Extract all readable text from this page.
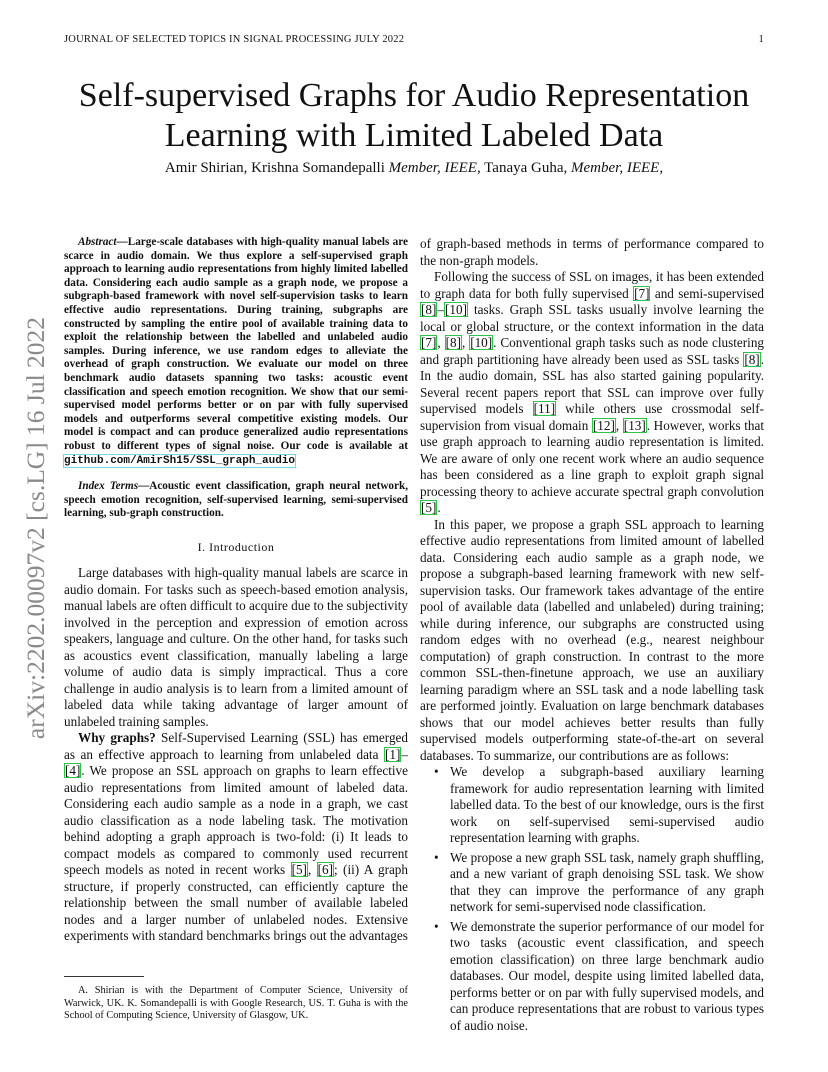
JOURNAL OF SELECTED TOPICS IN SIGNAL PROCESSING JULY 2022	1
arXiv:2202.00097v2 [cs.LG] 16 Jul 2022
Self-supervised Graphs for Audio Representation
Learning with Limited Labeled Data
Amir Shirian, Krishna Somandepalli Member, IEEE, Tanaya Guha, Member, IEEE,

Abstract—Large-scale databases with high-quality manual labels are scarce in audio domain. We thus explore a self-supervised graph approach to learning audio representations from highly limited labelled data. Considering each audio sample as a graph node, we propose a subgraph-based framework with novel self-supervision tasks to learn effective audio representations. During training, subgraphs are constructed by sampling the entire pool of available training data to exploit the relationship between the labelled and unlabeled audio samples. During inference, we use random edges to alleviate the overhead of graph construction. We evaluate our model on three benchmark audio datasets spanning two tasks: acoustic event classification and speech emotion recognition. We show that our semi-supervised model performs better or on par with fully supervised models and outperforms several competitive existing models. Our model is compact and can produce generalized audio representations robust to different types of signal noise. Our code is available at github.com/AmirSh15/SSL_graph_audio

Index Terms—Acoustic event classification, graph neural network, speech emotion recognition, self-supervised learning, semi-supervised learning, sub-graph construction.

I. Introduction

Large databases with high-quality manual labels are scarce in audio domain. For tasks such as speech-based emotion analysis, manual labels are often difficult to acquire due to the subjectivity involved in the perception and expression of emotion across speakers, language and culture. On the other hand, for tasks such as acoustics event classification, manually labeling a large volume of audio data is simply impractical. Thus a core challenge in audio analysis is to learn from a limited amount of labeled data while taking advantage of larger amount of unlabeled training samples.

Why graphs? Self-Supervised Learning (SSL) has emerged as an effective approach to learning from unlabeled data [1]–[4]. We propose an SSL approach on graphs to learn effective audio representations from limited amount of labeled data. Considering each audio sample as a node in a graph, we cast audio classification as a node labeling task. The motivation behind adopting a graph approach is two-fold: (i) It leads to compact models as compared to commonly used recurrent speech models as noted in recent works [5], [6]; (ii) A graph structure, if properly constructed, can efficiently capture the relationship between the small number of available labeled nodes and a larger number of unlabeled nodes. Extensive experiments with standard benchmarks brings out the advantages

A. Shirian is with the Department of Computer Science, University of Warwick, UK. K. Somandepalli is with Google Research, US. T. Guha is with the School of Computing Science, University of Glasgow, UK.

of graph-based methods in terms of performance compared to the non-graph models.

Following the success of SSL on images, it has been extended to graph data for both fully supervised [7] and semi-supervised [8]–[10] tasks. Graph SSL tasks usually involve learning the local or global structure, or the context information in the data [7], [8], [10]. Conventional graph tasks such as node clustering and graph partitioning have already been used as SSL tasks [8]. In the audio domain, SSL has also started gaining popularity. Several recent papers report that SSL can improve over fully supervised models [11] while others use crossmodal self-supervision from visual domain [12], [13]. However, works that use graph approach to learning audio representation is limited. We are aware of only one recent work where an audio sequence has been considered as a line graph to exploit graph signal processing theory to achieve accurate spectral graph convolution [5].

In this paper, we propose a graph SSL approach to learning effective audio representations from limited amount of labelled data. Considering each audio sample as a graph node, we propose a subgraph-based learning framework with new self-supervision tasks. Our framework takes advantage of the entire pool of available data (labelled and unlabeled) during training; while during inference, our subgraphs are constructed using random edges with no overhead (e.g., nearest neighbour computation) of graph construction. In contrast to the more common SSL-then-finetune approach, we use an auxiliary learning paradigm where an SSL task and a node labelling task are performed jointly. Evaluation on large benchmark databases shows that our model achieves better results than fully supervised models outperforming state-of-the-art on several databases. To summarize, our contributions are as follows:

• We develop a subgraph-based auxiliary learning framework for audio representation learning with limited labelled data. To the best of our knowledge, ours is the first work on self-supervised semi-supervised audio representation learning with graphs.
• We propose a new graph SSL task, namely graph shuffling, and a new variant of graph denoising SSL task. We show that they can improve the performance of any graph network for semi-supervised node classification.
• We demonstrate the superior performance of our model for two tasks (acoustic event classification, and speech emotion classification) on three large benchmark audio databases. Our model, despite using limited labelled data, performs better or on par with fully supervised models, and can produce representations that are robust to various types of audio noise.
